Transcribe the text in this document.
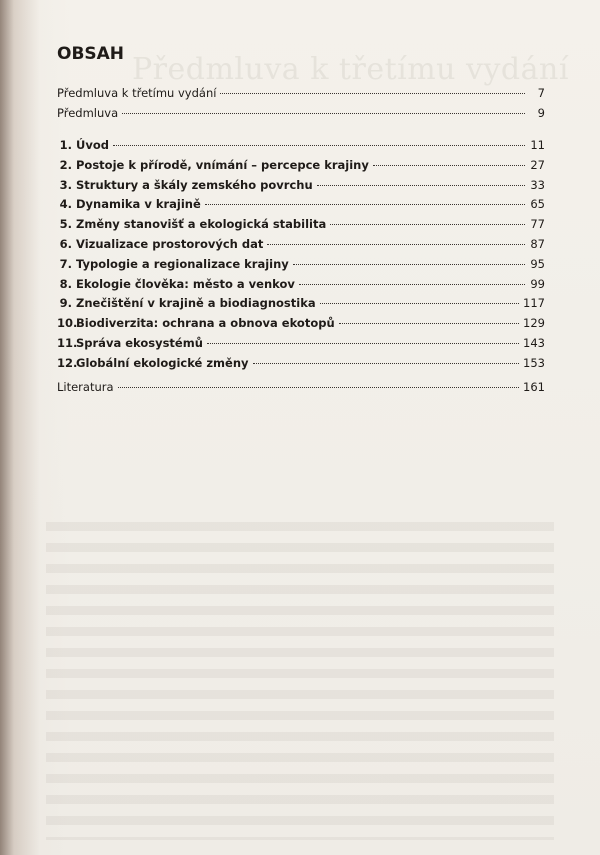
Předmluva k třetímu vydání
OBSAH
Předmluva k třetímu vydání	7
Předmluva	9
1. Úvod	11
2. Postoje k přírodě, vnímání – percepce krajiny	27
3. Struktury a škály zemského povrchu	33
4. Dynamika v krajině	65
5. Změny stanovišť a ekologická stabilita	77
6. Vizualizace prostorových dat	87
7. Typologie a regionalizace krajiny	95
8. Ekologie člověka: město a venkov	99
9. Znečištění v krajině a biodiagnostika	117
10.Biodiverzita: ochrana a obnova ekotopů	129
11.Správa ekosystémů	143
12.Globální ekologické změny	153
Literatura	161
